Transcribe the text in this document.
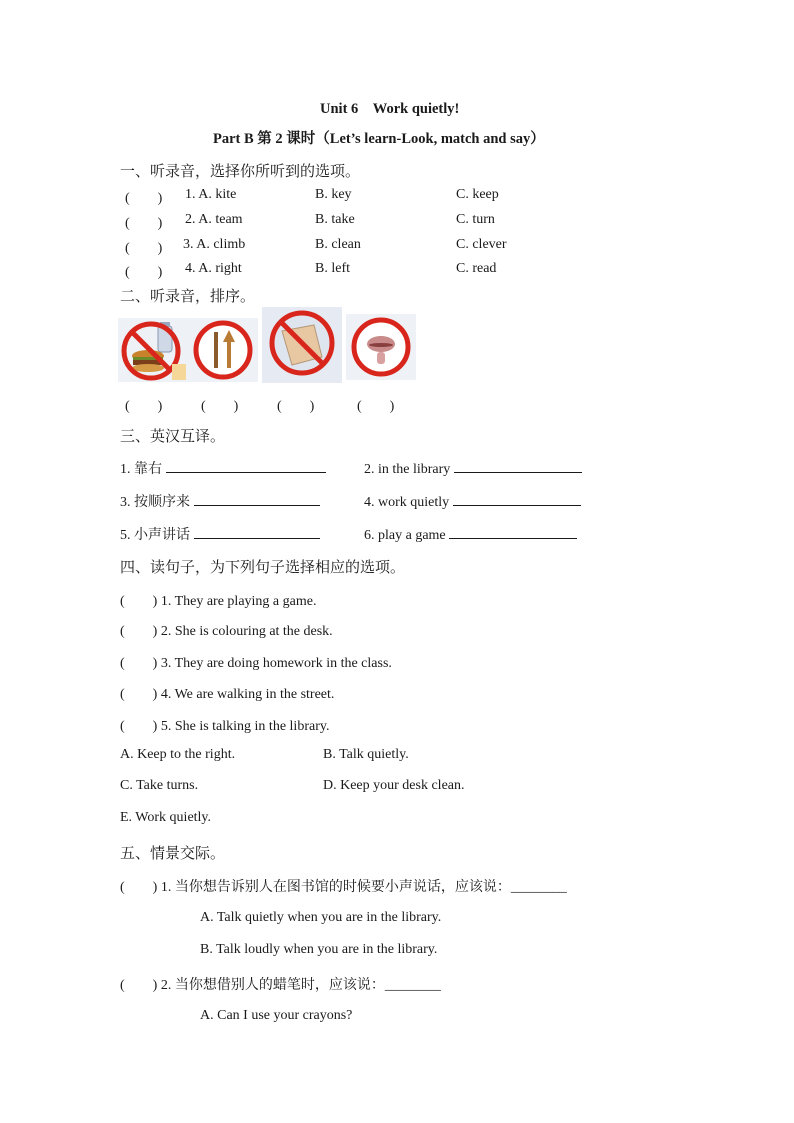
Unit 6　Work quietly!
Part B 第 2 课时（Let’s learn-Look, match and say）
一、听录音，选择你所听到的选项。
(　　) 1. A. kite	B. key	C. keep
(　　) 2. A. team	B. take	C. turn
(　　) 3. A. climb	B. clean	C. clever
(　　) 4. A. right	B. left	C. read
二、听录音，排序。
(　　)	(　　)	(　　)	(　　)
三、英汉互译。
1. 靠右	2. in the library
3. 按顺序来	4. work quietly
5. 小声讲话	6. play a game
四、读句子，为下列句子选择相应的选项。
(　　) 1. They are playing a game.
(　　) 2. She is colouring at the desk.
(　　) 3. They are doing homework in the class.
(　　) 4. We are walking in the street.
(　　) 5. She is talking in the library.
A. Keep to the right.	B. Talk quietly.
C. Take turns.	D. Keep your desk clean.
E. Work quietly.
五、情景交际。
(　　) 1. 当你想告诉别人在图书馆的时候要小声说话，应该说：________
A. Talk quietly when you are in the library.
B. Talk loudly when you are in the library.
(　　) 2. 当你想借别人的蜡笔时，应该说：________
A. Can I use your crayons?
